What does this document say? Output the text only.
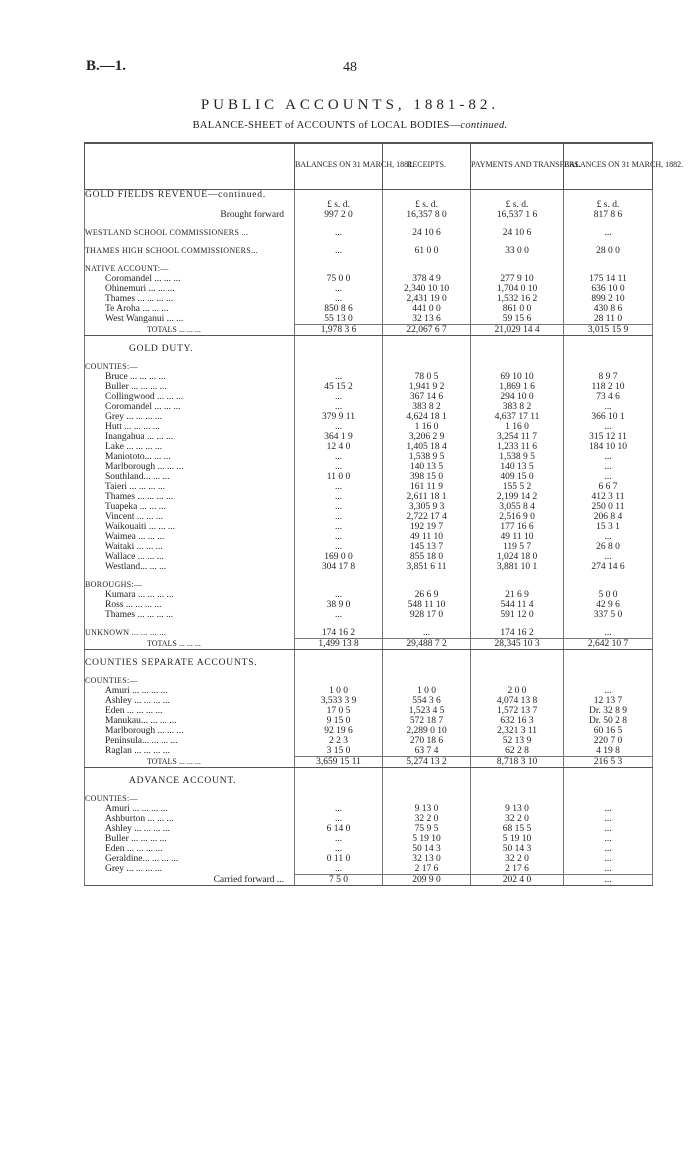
B.—1.	48
PUBLIC ACCOUNTS, 1881-82.
BALANCE-SHEET of ACCOUNTS of LOCAL BODIES—continued.
	BALANCES ON 31 MARCH, 1881.	RECEIPTS.	PAYMENTS AND TRANSFERS.	BALANCES ON 31 MARCH, 1882.
GOLD FIELDS REVENUE—continued.				
	£ s. d.	£ s. d.	£ s. d.	£ s. d.
Brought forward	997 2 0	16,357 8 0	16,537 1 6	817 8 6

WESTLAND SCHOOL COMMISSIONERS ...	...	24 10 6	24 10 6	...

THAMES HIGH SCHOOL COMMISSIONERS...	...	61 0 0	33 0 0	28 0 0

NATIVE ACCOUNT:—				
Coromandel ... ... ...	75 0 0	378 4 9	277 9 10	175 14 11
Ohinemuri ... ... ...	...	2,340 10 10	1,704 0 10	636 10 0
Thames ... ... ... ...	...	2,431 19 0	1,532 16 2	899 2 10
Te Aroha ... ... ...	850 8 6	441 0 0	861 0 0	430 8 6
West Wanganui ... ...	55 13 0	32 13 6	59 15 6	28 11 0
TOTALS ... ... ...	1,978 3 6	22,067 6 7	21,029 14 4	3,015 15 9

GOLD DUTY.				

COUNTIES:—				
Bruce ... ... ... ...	...	78 0 5	69 10 10	8 9 7
Buller ... ... ... ...	45 15 2	1,941 9 2	1,869 1 6	118 2 10
Collingwood ... ... ...	...	367 14 6	294 10 0	73 4 6
Coromandel ... ... ...	...	383 8 2	383 8 2	...
Grey ... ... ... ...	379 9 11	4,624 18 1	4,637 17 11	366 10 1
Hutt ... ... ... ...	...	1 16 0	1 16 0	...
Inangahua ... ... ...	364 1 9	3,206 2 9	3,254 11 7	315 12 11
Lake ... ... ... ...	12 4 0	1,405 18 4	1,233 11 6	184 10 10
Maniototo... ... ...	...	1,538 9 5	1,538 9 5	...
Marlborough ... ... ...	...	140 13 5	140 13 5	...
Southland... ... ...	11 0 0	398 15 0	409 15 0	...
Taieri ... ... ... ...	...	161 11 9	155 5 2	6 6 7
Thames ... ... ... ...	...	2,611 18 1	2,199 14 2	412 3 11
Tuapeka ... ... ...	...	3,305 9 3	3,055 8 4	250 0 11
Vincent ... ... ...	...	2,722 17 4	2,516 9 0	206 8 4
Waikouaiti ... ... ...	...	192 19 7	177 16 6	15 3 1
Waimea ... ... ...	...	49 11 10	49 11 10	...
Waitaki ... ... ...	...	145 13 7	119 5 7	26 8 0
Wallace ... ... ...	169 0 0	855 18 0	1,024 18 0	...
Westland... ... ...	304 17 8	3,851 6 11	3,881 10 1	274 14 6

BOROUGHS:—				
Kumara ... ... ... ...	...	26 6 9	21 6 9	5 0 0
Ross ... ... ... ...	38 9 0	548 11 10	544 11 4	42 9 6
Thames ... ... ... ...	...	928 17 0	591 12 0	337 5 0

UNKNOWN ... ... ... ...	174 16 2	...	174 16 2	...
TOTALS ... ... ...	1,499 13 8	29,488 7 2	28,345 10 3	2,642 10 7

COUNTIES SEPARATE ACCOUNTS.				

COUNTIES:—				
Amuri ... ... ... ...	1 0 0	1 0 0	2 0 0	...
Ashley ... ... ... ...	3,533 3 9	554 3 6	4,074 13 8	12 13 7
Eden ... ... ... ...	17 0 5	1,523 4 5	1,572 13 7	Dr. 32 8 9
Manukau... ... ... ...	9 15 0	572 18 7	632 16 3	Dr. 50 2 8
Marlborough ... ... ...	92 19 6	2,289 0 10	2,321 3 11	60 16 5
Peninsula... ... ... ...	2 2 3	270 18 6	52 13 9	220 7 0
Raglan ... ... ... ...	3 15 0	63 7 4	62 2 8	4 19 8
TOTALS ... ... ...	3,659 15 11	5,274 13 2	8,718 3 10	216 5 3

ADVANCE ACCOUNT.				

COUNTIES:—				
Amuri ... ... ... ...	...	9 13 0	9 13 0	...
Ashburton ... ... ...	...	32 2 0	32 2 0	...
Ashley ... ... ... ...	6 14 0	75 9 5	68 15 5	...
Buller ... ... ... ...	...	5 19 10	5 19 10	...
Eden ... ... ... ...	...	50 14 3	50 14 3	...
Geraldine... ... ... ...	0 11 0	32 13 0	32 2 0	...
Grey ... ... ... ...	...	2 17 6	2 17 6	...
Carried forward ...	7 5 0	209 9 0	202 4 0	...
